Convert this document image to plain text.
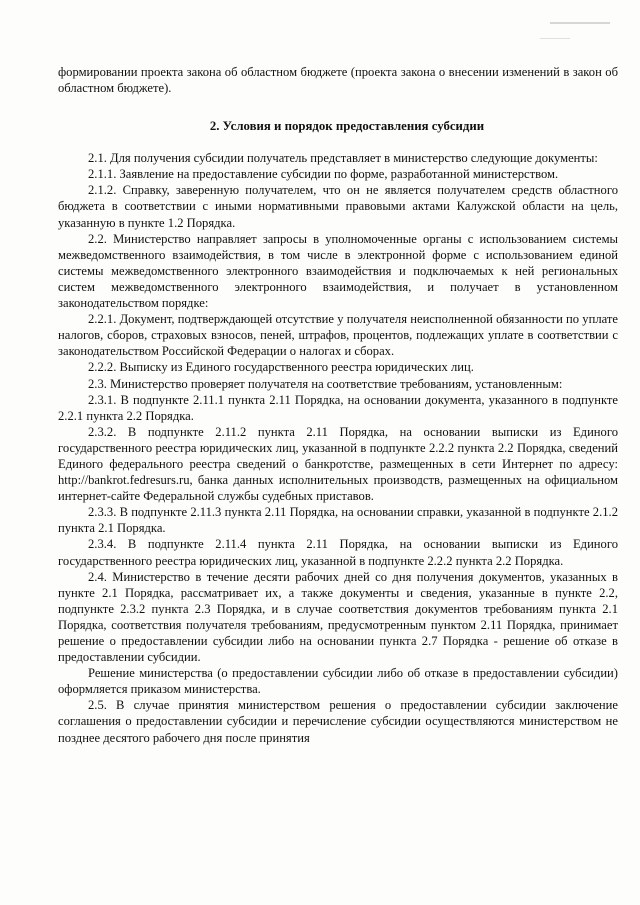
формировании проекта закона об областном бюджете (проекта закона о внесении изменений в закон об областном бюджете).

2. Условия и порядок предоставления субсидии

2.1. Для получения субсидии получатель представляет в министерство следующие документы:

2.1.1. Заявление на предоставление субсидии по форме, разработанной министерством.

2.1.2. Справку, заверенную получателем, что он не является получателем средств областного бюджета в соответствии с иными нормативными правовыми актами Калужской области на цель, указанную в пункте 1.2 Порядка.

2.2. Министерство направляет запросы в уполномоченные органы с использованием системы межведомственного взаимодействия, в том числе в электронной форме с использованием единой системы межведомственного электронного взаимодействия и подключаемых к ней региональных систем межведомственного электронного взаимодействия, и получает в установленном законодательством порядке:

2.2.1. Документ, подтверждающей отсутствие у получателя неисполненной обязанности по уплате налогов, сборов, страховых взносов, пеней, штрафов, процентов, подлежащих уплате в соответствии с законодательством Российской Федерации о налогах и сборах.

2.2.2. Выписку из Единого государственного реестра юридических лиц.

2.3. Министерство проверяет получателя на соответствие требованиям, установленным:

2.3.1. В подпункте 2.11.1 пункта 2.11 Порядка, на основании документа, указанного в подпункте 2.2.1 пункта 2.2 Порядка.

2.3.2. В подпункте 2.11.2 пункта 2.11 Порядка, на основании выписки из Единого государственного реестра юридических лиц, указанной в подпункте 2.2.2 пункта 2.2 Порядка, сведений Единого федерального реестра сведений о банкротстве, размещенных в сети Интернет по адресу: http://bankrot.fedresurs.ru, банка данных исполнительных производств, размещенных на официальном интернет-сайте Федеральной службы судебных приставов.

2.3.3. В подпункте 2.11.3 пункта 2.11 Порядка, на основании справки, указанной в подпункте 2.1.2 пункта 2.1 Порядка.

2.3.4. В подпункте 2.11.4 пункта 2.11 Порядка, на основании выписки из Единого государственного реестра юридических лиц, указанной в подпункте 2.2.2 пункта 2.2 Порядка.

2.4. Министерство в течение десяти рабочих дней со дня получения документов, указанных в пункте 2.1 Порядка, рассматривает их, а также документы и сведения, указанные в пункте 2.2, подпункте 2.3.2 пункта 2.3 Порядка, и в случае соответствия документов требованиям пункта 2.1 Порядка, соответствия получателя требованиям, предусмотренным пунктом 2.11 Порядка, принимает решение о предоставлении субсидии либо на основании пункта 2.7 Порядка - решение об отказе в предоставлении субсидии.

Решение министерства (о предоставлении субсидии либо об отказе в предоставлении субсидии) оформляется приказом министерства.

2.5. В случае принятия министерством решения о предоставлении субсидии заключение соглашения о предоставлении субсидии и перечисление субсидии осуществляются министерством не позднее десятого рабочего дня после принятия
